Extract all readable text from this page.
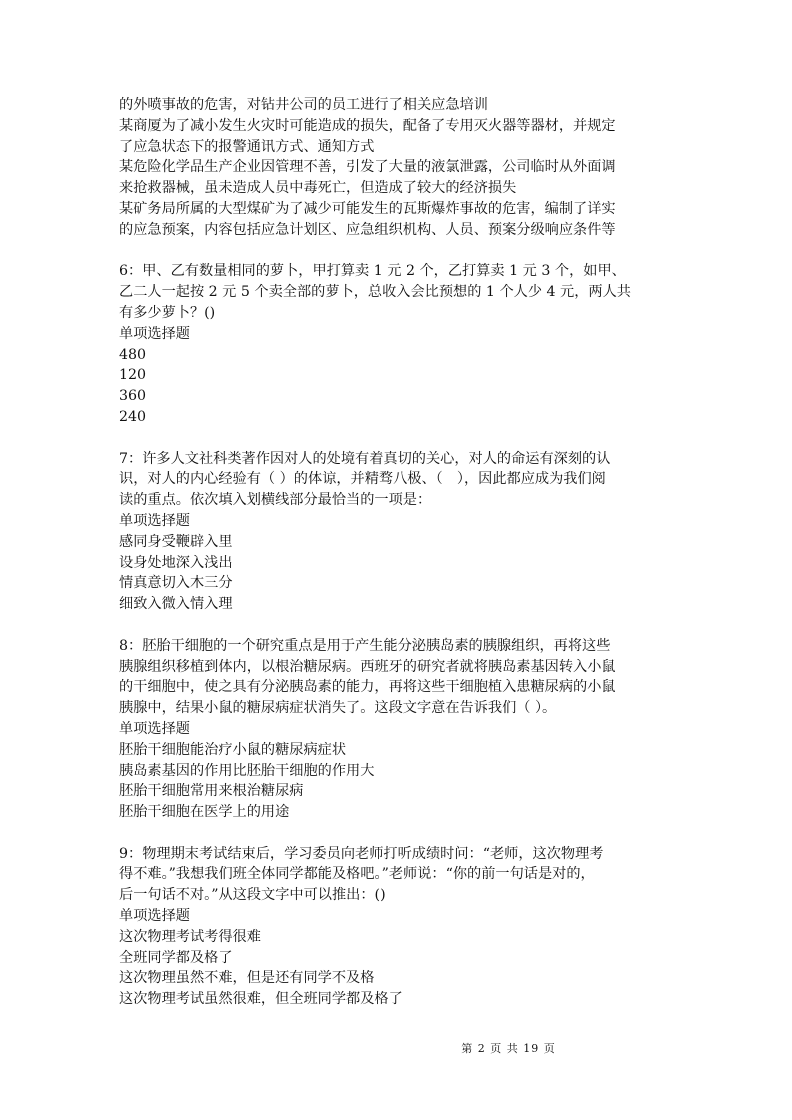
的外喷事故的危害，对钻井公司的员工进行了相关应急培训
某商厦为了减小发生火灾时可能造成的损失，配备了专用灭火器等器材，并规定
了应急状态下的报警通讯方式、通知方式
某危险化学品生产企业因管理不善，引发了大量的液氯泄露，公司临时从外面调
来抢救器械，虽未造成人员中毒死亡，但造成了较大的经济损失
某矿务局所属的大型煤矿为了减少可能发生的瓦斯爆炸事故的危害，编制了详实
的应急预案，内容包括应急计划区、应急组织机构、人员、预案分级响应条件等
6：甲、乙有数量相同的萝卜，甲打算卖 1 元 2 个，乙打算卖 1 元 3 个，如甲、
乙二人一起按 2 元 5 个卖全部的萝卜，总收入会比预想的 1 个人少 4 元，两人共
有多少萝卜？()
单项选择题
480
120
360
240
7：许多人文社科类著作因对人的处境有着真切的关心，对人的命运有深刻的认
识，对人的内心经验有（ ）的体谅，并精骛八极、（　），因此都应成为我们阅
读的重点。依次填入划横线部分最恰当的一项是：
单项选择题
感同身受鞭辟入里
设身处地深入浅出
情真意切入木三分
细致入微入情入理
8：胚胎干细胞的一个研究重点是用于产生能分泌胰岛素的胰腺组织，再将这些
胰腺组织移植到体内，以根治糖尿病。西班牙的研究者就将胰岛素基因转入小鼠
的干细胞中，使之具有分泌胰岛素的能力，再将这些干细胞植入患糖尿病的小鼠
胰腺中，结果小鼠的糖尿病症状消失了。这段文字意在告诉我们（ ）。
单项选择题
胚胎干细胞能治疗小鼠的糖尿病症状
胰岛素基因的作用比胚胎干细胞的作用大
胚胎干细胞常用来根治糖尿病
胚胎干细胞在医学上的用途
9：物理期末考试结束后，学习委员向老师打听成绩时问：“老师，这次物理考
得不难。”我想我们班全体同学都能及格吧。”老师说：“你的前一句话是对的，
后一句话不对。”从这段文字中可以推出：()
单项选择题
这次物理考试考得很难
全班同学都及格了
这次物理虽然不难，但是还有同学不及格
这次物理考试虽然很难，但全班同学都及格了
第 2 页 共 19 页
